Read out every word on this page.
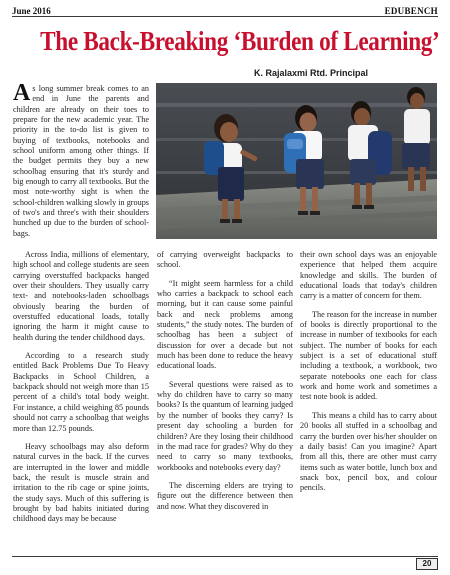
June 2016	EDUBENCH
The Back-Breaking ‘Burden of Learning’
K. Rajalaxmi Rtd. Principal

As long summer break comes to an end in June the parents and children are already on their toes to prepare for the new academic year. The priority in the to-do list is given to buying of textbooks, notebooks and school uniform among other things. If the budget permits they buy a new schoolbag ensuring that it's sturdy and big enough to carry all textbooks. But the most note-worthy sight is when the school-children walking slowly in groups of two's and three's with their shoulders hunched up due to the burden of school-bags.

Across India, millions of elementary, high school and college students are seen carrying overstuffed backpacks hanged over their shoulders. They usually carry text- and notebooks-laden schoolbags obviously bearing the burden of overstuffed educational loads, totally ignoring the harm it might cause to health during the tender childhood days.

According to a research study entitled Back Problems Due To Heavy Backpacks in School Children, a backpack should not weigh more than 15 percent of a child's total body weight. For instance, a child weighing 85 pounds should not carry a schoolbag that weighs more than 12.75 pounds.

Heavy schoolbags may also deform natural curves in the back. If the curves are interrupted in the lower and middle back, the result is muscle strain and irritation to the rib cage or spine joints, the study says. Much of this suffering is brought by bad habits initiated during childhood days may be because

of carrying overweight backpacks to school.

“It might seem harmless for a child who carries a backpack to school each morning, but it can cause some painful back and neck problems among students,” the study notes. The burden of schoolbag has been a subject of discussion for over a decade but not much has been done to reduce the heavy educational loads.

Several questions were raised as to why do children have to carry so many books? Is the quantum of learning judged by the number of books they carry? Is present day schooling a burden for children? Are they losing their childhood in the mad race for grades? Why do they need to carry so many textbooks, workbooks and notebooks every day?

The discerning elders are trying to figure out the difference between then and now. What they discovered in

their own school days was an enjoyable experience that helped them acquire knowledge and skills. The burden of educational loads that today's children carry is a matter of concern for them.

The reason for the increase in number of books is directly proportional to the increase in number of textbooks for each subject. The number of books for each subject is a set of educational stuff including a textbook, a workbook, two separate notebooks one each for class work and home work and sometimes a test note book is added.

This means a child has to carry about 20 books all stuffed in a schoolbag and carry the burden over his/her shoulder on a daily basis! Can you imagine? Apart from all this, there are other must carry items such as water bottle, lunch box and snack box, pencil box, and colour pencils.

20
